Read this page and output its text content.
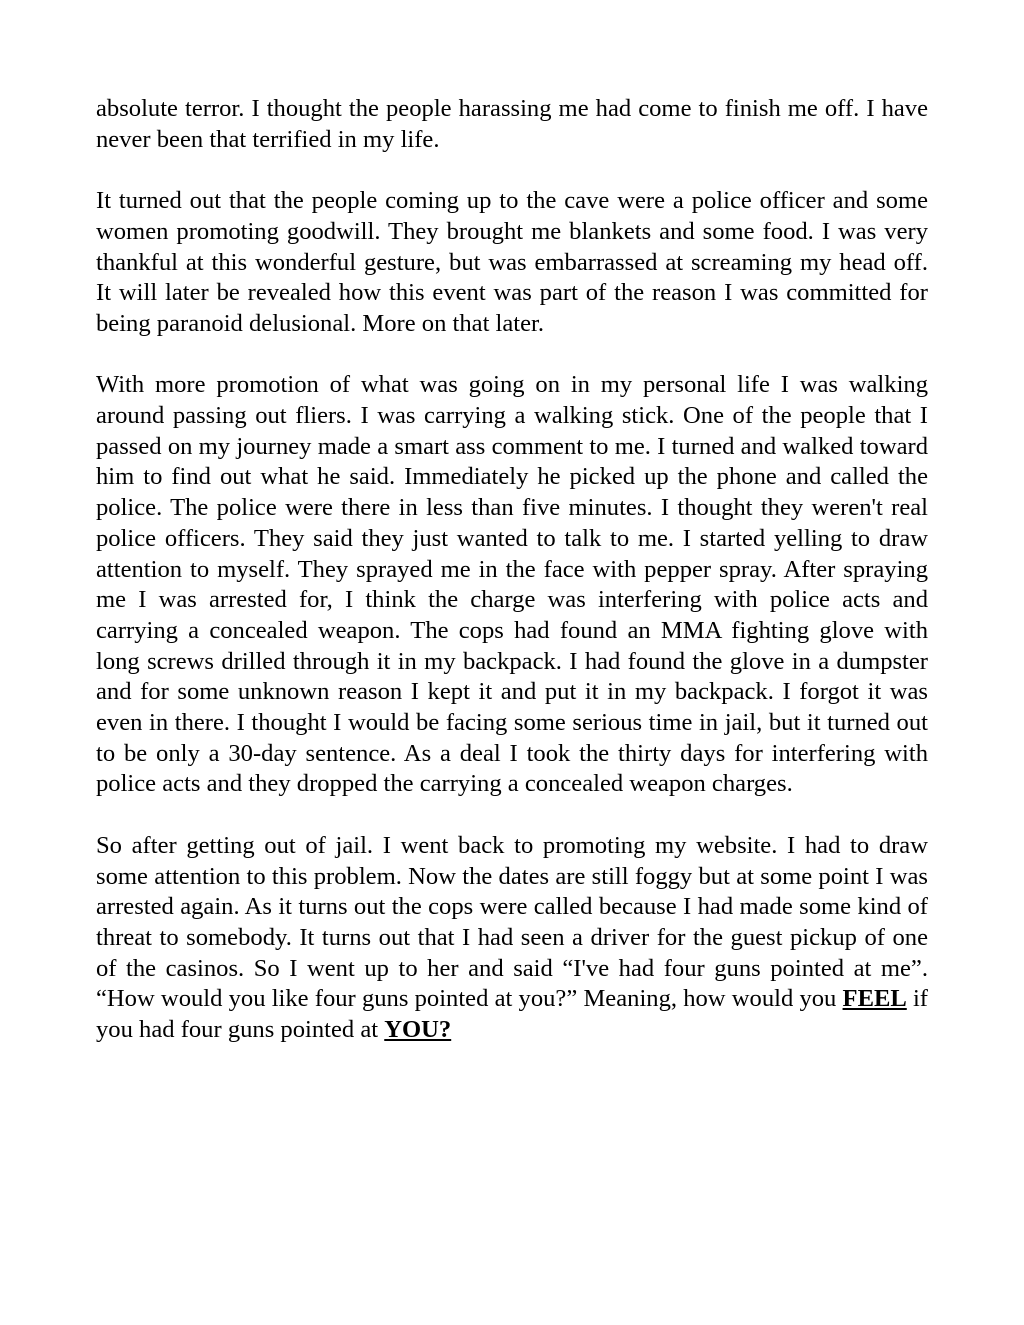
absolute terror. I thought the people harassing me had come to finish me off. I have never been that terrified in my life.

It turned out that the people coming up to the cave were a police officer and some women promoting goodwill. They brought me blankets and some food. I was very thankful at this wonderful gesture, but was embarrassed at screaming my head off. It will later be revealed how this event was part of the reason I was committed for being paranoid delusional. More on that later.

With more promotion of what was going on in my personal life I was walking around passing out fliers. I was carrying a walking stick. One of the people that I passed on my journey made a smart ass comment to me. I turned and walked toward him to find out what he said. Immediately he picked up the phone and called the police. The police were there in less than five minutes. I thought they weren't real police officers. They said they just wanted to talk to me. I started yelling to draw attention to myself. They sprayed me in the face with pepper spray. After spraying me I was arrested for, I think the charge was interfering with police acts and carrying a concealed weapon. The cops had found an MMA fighting glove with long screws drilled through it in my backpack. I had found the glove in a dumpster and for some unknown reason I kept it and put it in my backpack. I forgot it was even in there. I thought I would be facing some serious time in jail, but it turned out to be only a 30-day sentence. As a deal I took the thirty days for interfering with police acts and they dropped the carrying a concealed weapon charges.

So after getting out of jail. I went back to promoting my website. I had to draw some attention to this problem. Now the dates are still foggy but at some point I was arrested again. As it turns out the cops were called because I had made some kind of threat to somebody. It turns out that I had seen a driver for the guest pickup of one of the casinos. So I went up to her and said “I've had four guns pointed at me”. “How would you like four guns pointed at you?” Meaning, how would you FEEL if you had four guns pointed at YOU?
